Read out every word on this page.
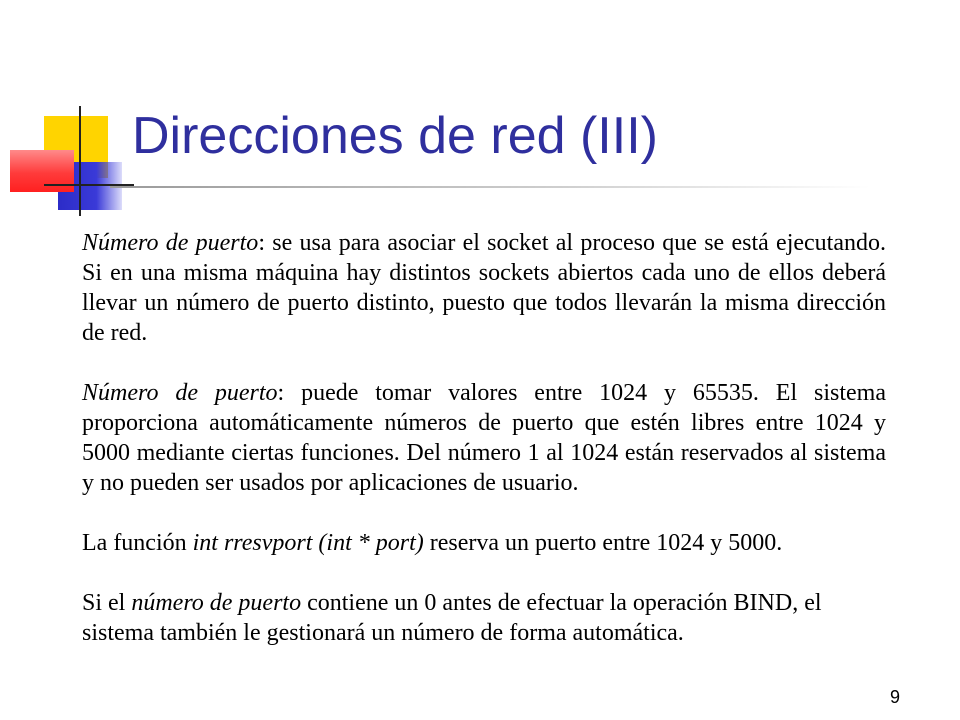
Direcciones de red (III)

Número de puerto: se usa para asociar el socket al proceso que se está ejecutando. Si en una misma máquina hay distintos sockets abiertos cada uno de ellos deberá llevar un número de puerto distinto, puesto que todos llevarán la misma dirección de red.

Número de puerto: puede tomar valores entre 1024 y 65535. El sistema proporciona automáticamente números de puerto que estén libres entre 1024 y 5000 mediante ciertas funciones. Del número 1 al 1024 están reservados al sistema y no pueden ser usados por aplicaciones de usuario.

La función int rresvport (int * port) reserva un puerto entre 1024 y 5000.

Si el número de puerto contiene un 0 antes de efectuar la operación BIND, el sistema también le gestionará un número de forma automática.

9
